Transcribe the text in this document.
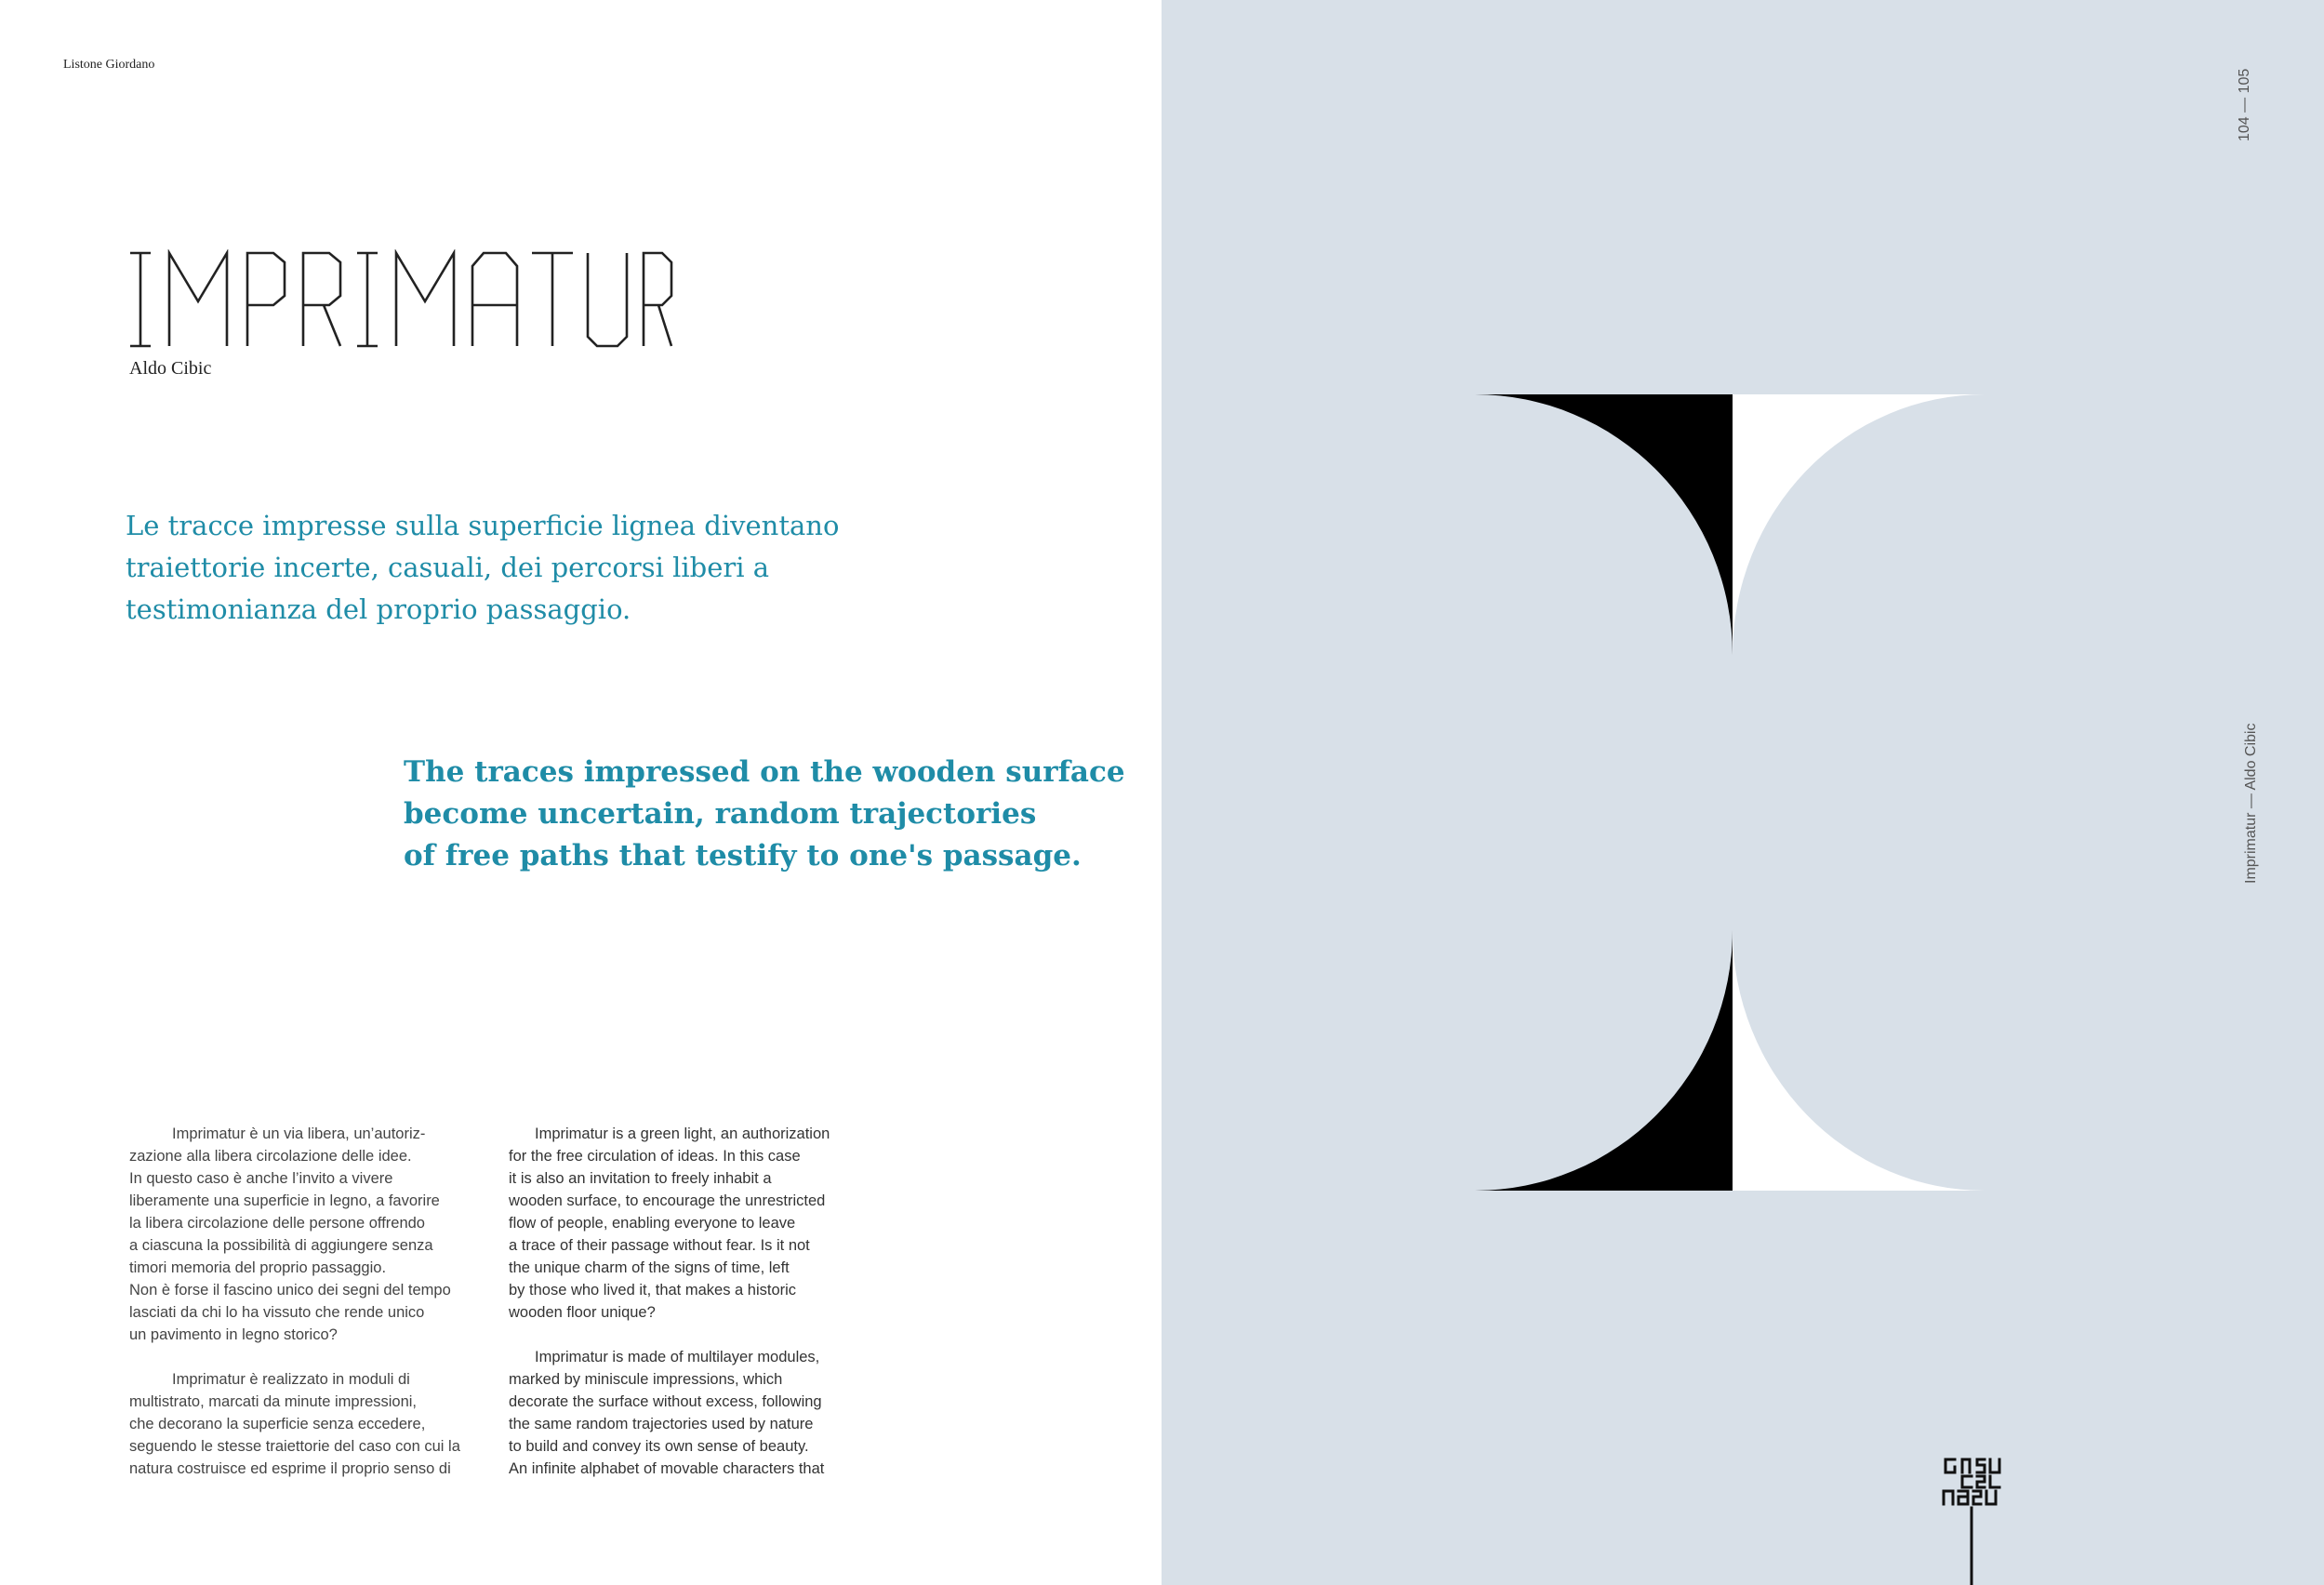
Listone Giordano
Aldo Cibic
Le tracce impresse sulla superficie lignea diventano
traiettorie incerte, casuali, dei percorsi liberi a
testimonianza del proprio passaggio.
The traces impressed on the wooden surface
become uncertain, random trajectories
of free paths that testify to one's passage.
Imprimatur è un via libera, un’autoriz-
zazione alla libera circolazione delle idee.
In questo caso è anche l’invito a vivere
liberamente una superficie in legno, a favorire
la libera circolazione delle persone offrendo
a ciascuna la possibilità di aggiungere senza
timori memoria del proprio passaggio.
Non è forse il fascino unico dei segni del tempo
lasciati da chi lo ha vissuto che rende unico
un pavimento in legno storico?
Imprimatur è realizzato in moduli di
multistrato, marcati da minute impressioni,
che decorano la superficie senza eccedere,
seguendo le stesse traiettorie del caso con cui la
natura costruisce ed esprime il proprio senso di
Imprimatur is a green light, an authorization
for the free circulation of ideas. In this case
it is also an invitation to freely inhabit a
wooden surface, to encourage the unrestricted
flow of people, enabling everyone to leave
a trace of their passage without fear. Is it not
the unique charm of the signs of time, left
by those who lived it, that makes a historic
wooden floor unique?
Imprimatur is made of multilayer modules,
marked by miniscule impressions, which
decorate the surface without excess, following
the same random trajectories used by nature
to build and convey its own sense of beauty.
An infinite alphabet of movable characters that
104 — 105
Imprimatur — Aldo Cibic
